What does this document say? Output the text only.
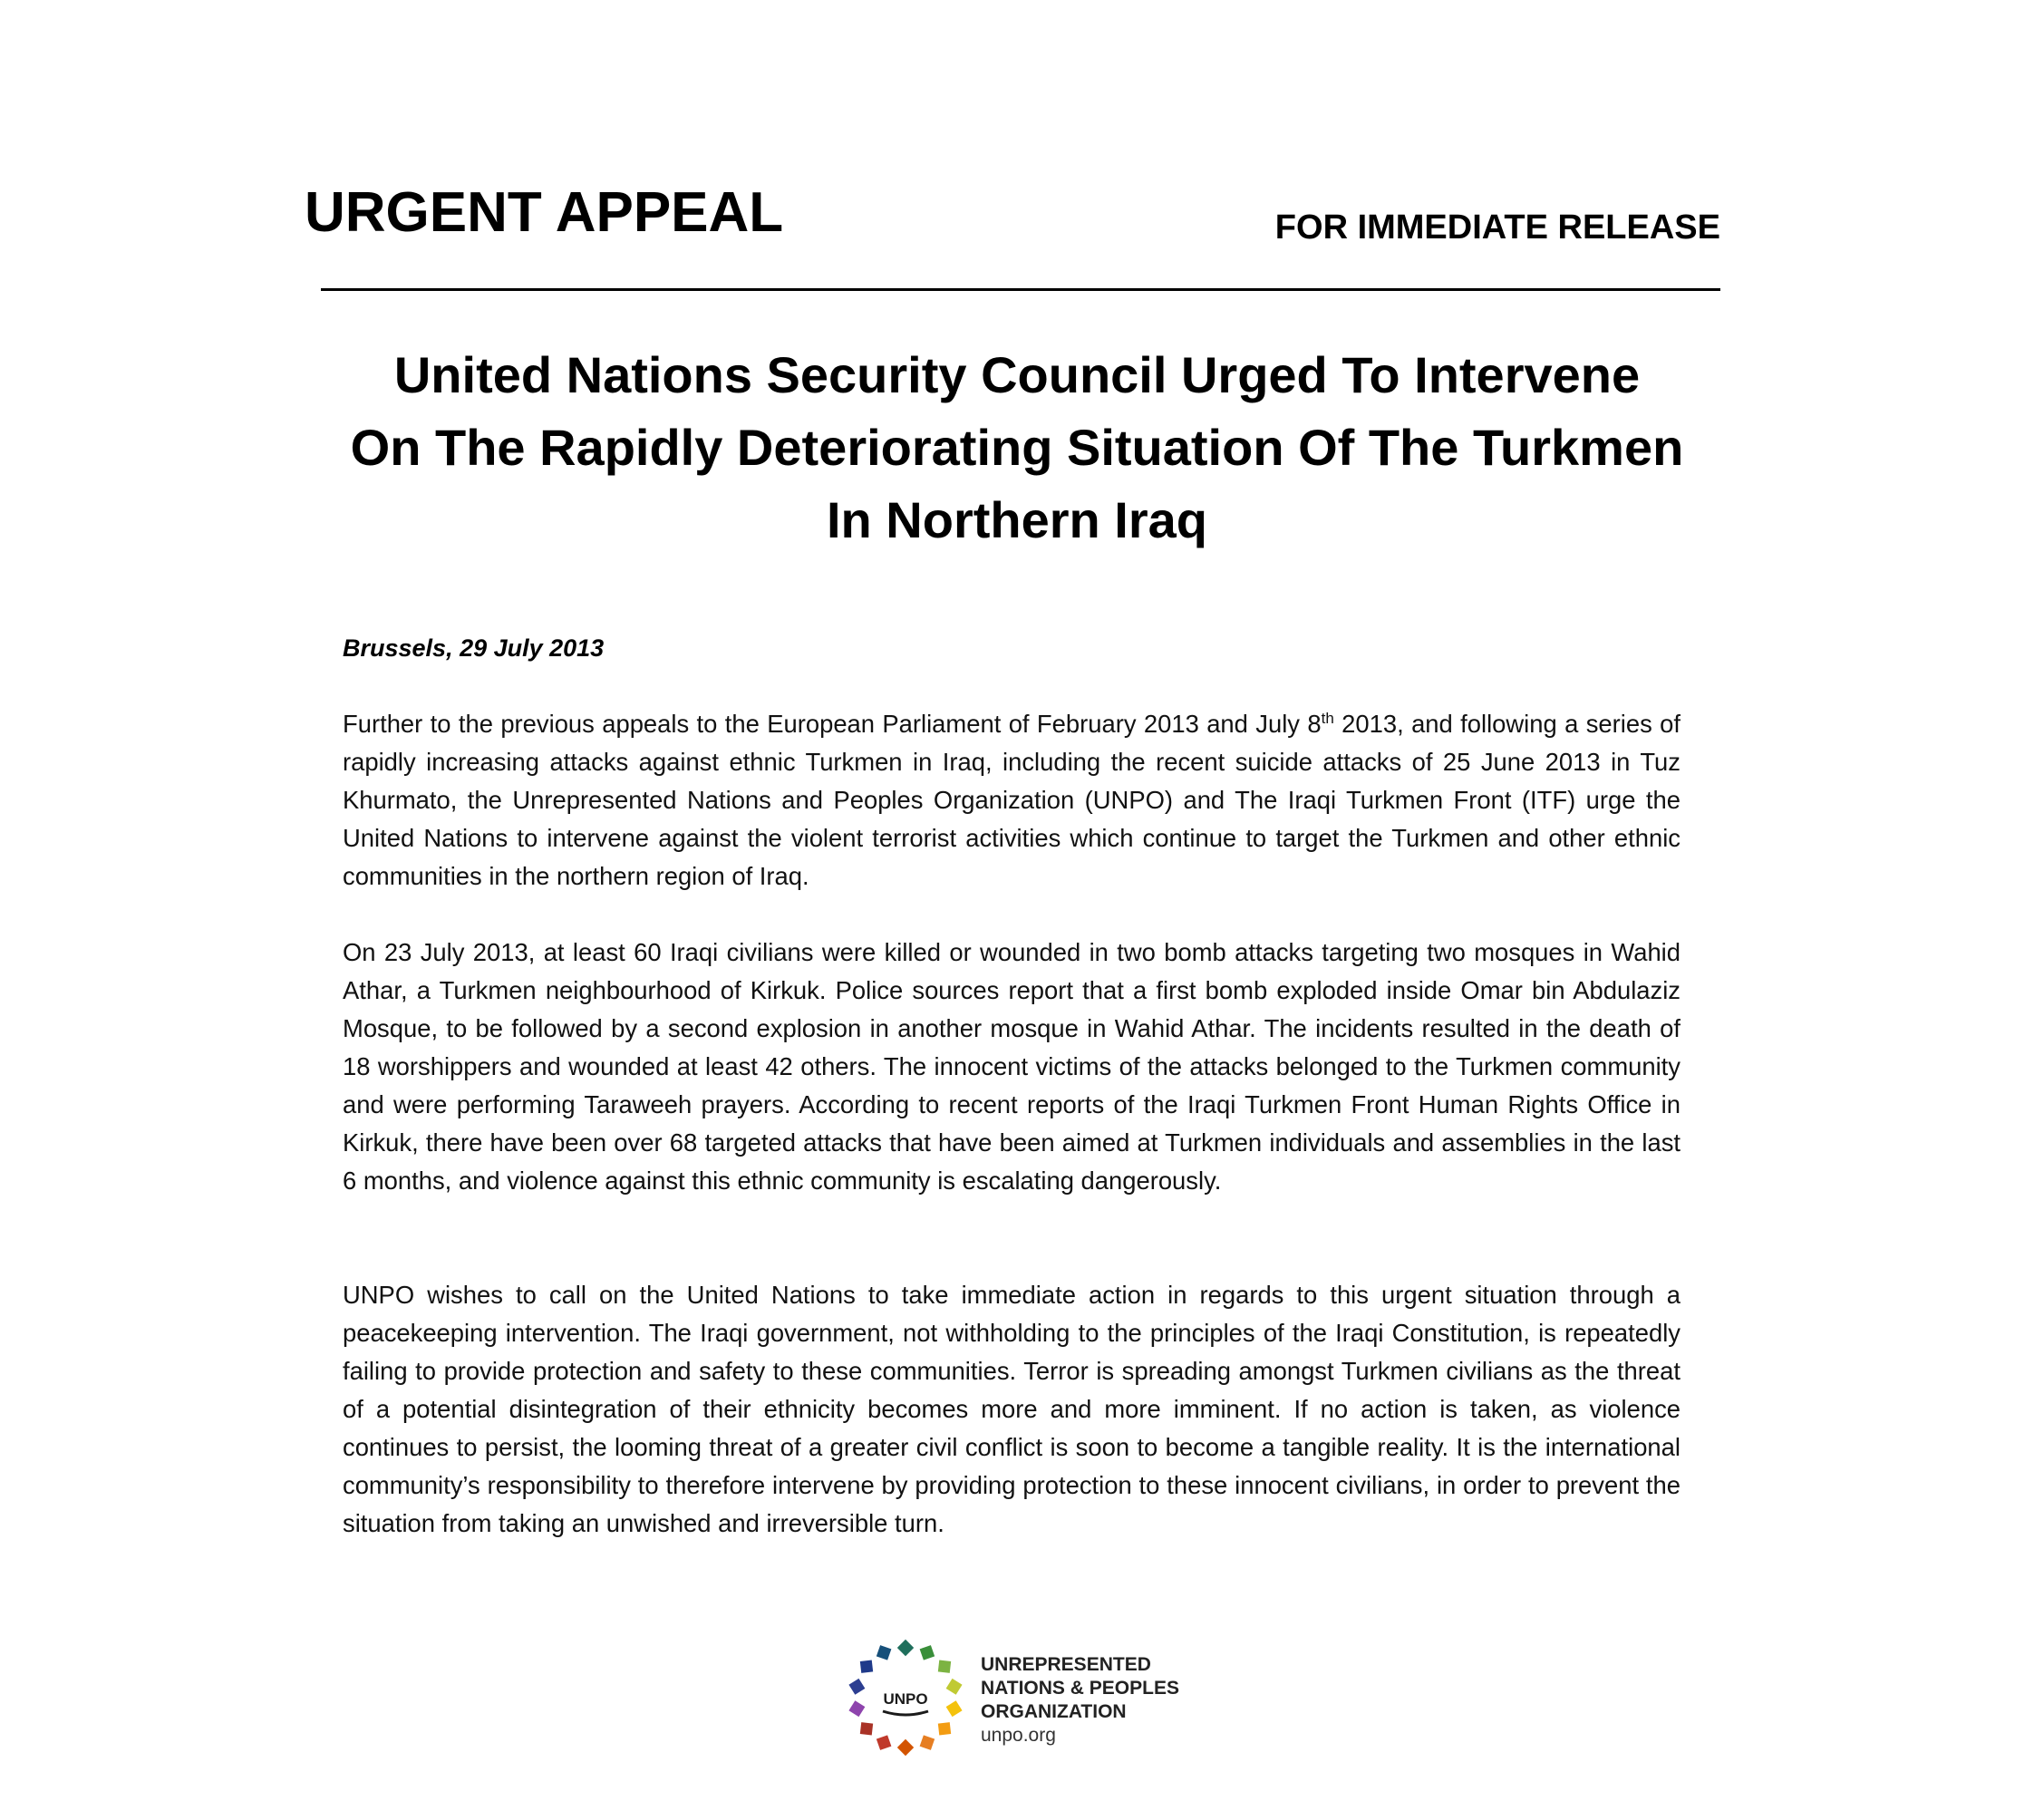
URGENT APPEAL	FOR IMMEDIATE RELEASE
United Nations Security Council Urged To Intervene
On The Rapidly Deteriorating Situation Of The Turkmen
In Northern Iraq
Brussels, 29 July 2013

Further to the previous appeals to the European Parliament of February 2013 and July 8th 2013, and following a series of rapidly increasing attacks against ethnic Turkmen in Iraq, including the recent suicide attacks of 25 June 2013 in Tuz Khurmato, the Unrepresented Nations and Peoples Organization (UNPO) and The Iraqi Turkmen Front (ITF) urge the United Nations to intervene against the violent terrorist activities which continue to target the Turkmen and other ethnic communities in the northern region of Iraq.

On 23 July 2013, at least 60 Iraqi civilians were killed or wounded in two bomb attacks targeting two mosques in Wahid Athar, a Turkmen neighbourhood of Kirkuk. Police sources report that a first bomb exploded inside Omar bin Abdulaziz Mosque, to be followed by a second explosion in another mosque in Wahid Athar. The incidents resulted in the death of 18 worshippers and wounded at least 42 others. The innocent victims of the attacks belonged to the Turkmen community and were performing Taraweeh prayers. According to recent reports of the Iraqi Turkmen Front Human Rights Office in Kirkuk, there have been over 68 targeted attacks that have been aimed at Turkmen individuals and assemblies in the last 6 months, and violence against this ethnic community is escalating dangerously.

UNPO wishes to call on the United Nations to take immediate action in regards to this urgent situation through a peacekeeping intervention. The Iraqi government, not withholding to the principles of the Iraqi Constitution, is repeatedly failing to provide protection and safety to these communities. Terror is spreading amongst Turkmen civilians as the threat of a potential disintegration of their ethnicity becomes more and more imminent. If no action is taken, as violence continues to persist, the looming threat of a greater civil conflict is soon to become a tangible reality. It is the international community’s responsibility to therefore intervene by providing protection to these innocent civilians, in order to prevent the situation from taking an unwished and irreversible turn.

UNPO
UNREPRESENTED
NATIONS & PEOPLES
ORGANIZATION
unpo.org
